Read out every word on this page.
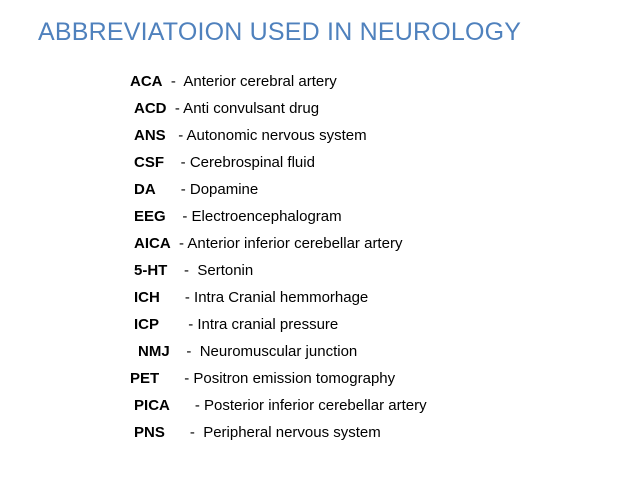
ABBREVIATOION USED IN NEUROLOGY

ACA  -  Anterior cerebral artery

ACD  - Anti convulsant drug

ANS   - Autonomic nervous system

CSF    - Cerebrospinal fluid

DA      - Dopamine

EEG    - Electroencephalogram

AICA  - Anterior inferior cerebellar artery

5-HT    -  Sertonin

ICH      - Intra Cranial hemmorhage

ICP       - Intra cranial pressure

NMJ    -  Neuromuscular junction

PET      - Positron emission tomography

PICA      - Posterior inferior cerebellar artery

PNS      -  Peripheral nervous system
